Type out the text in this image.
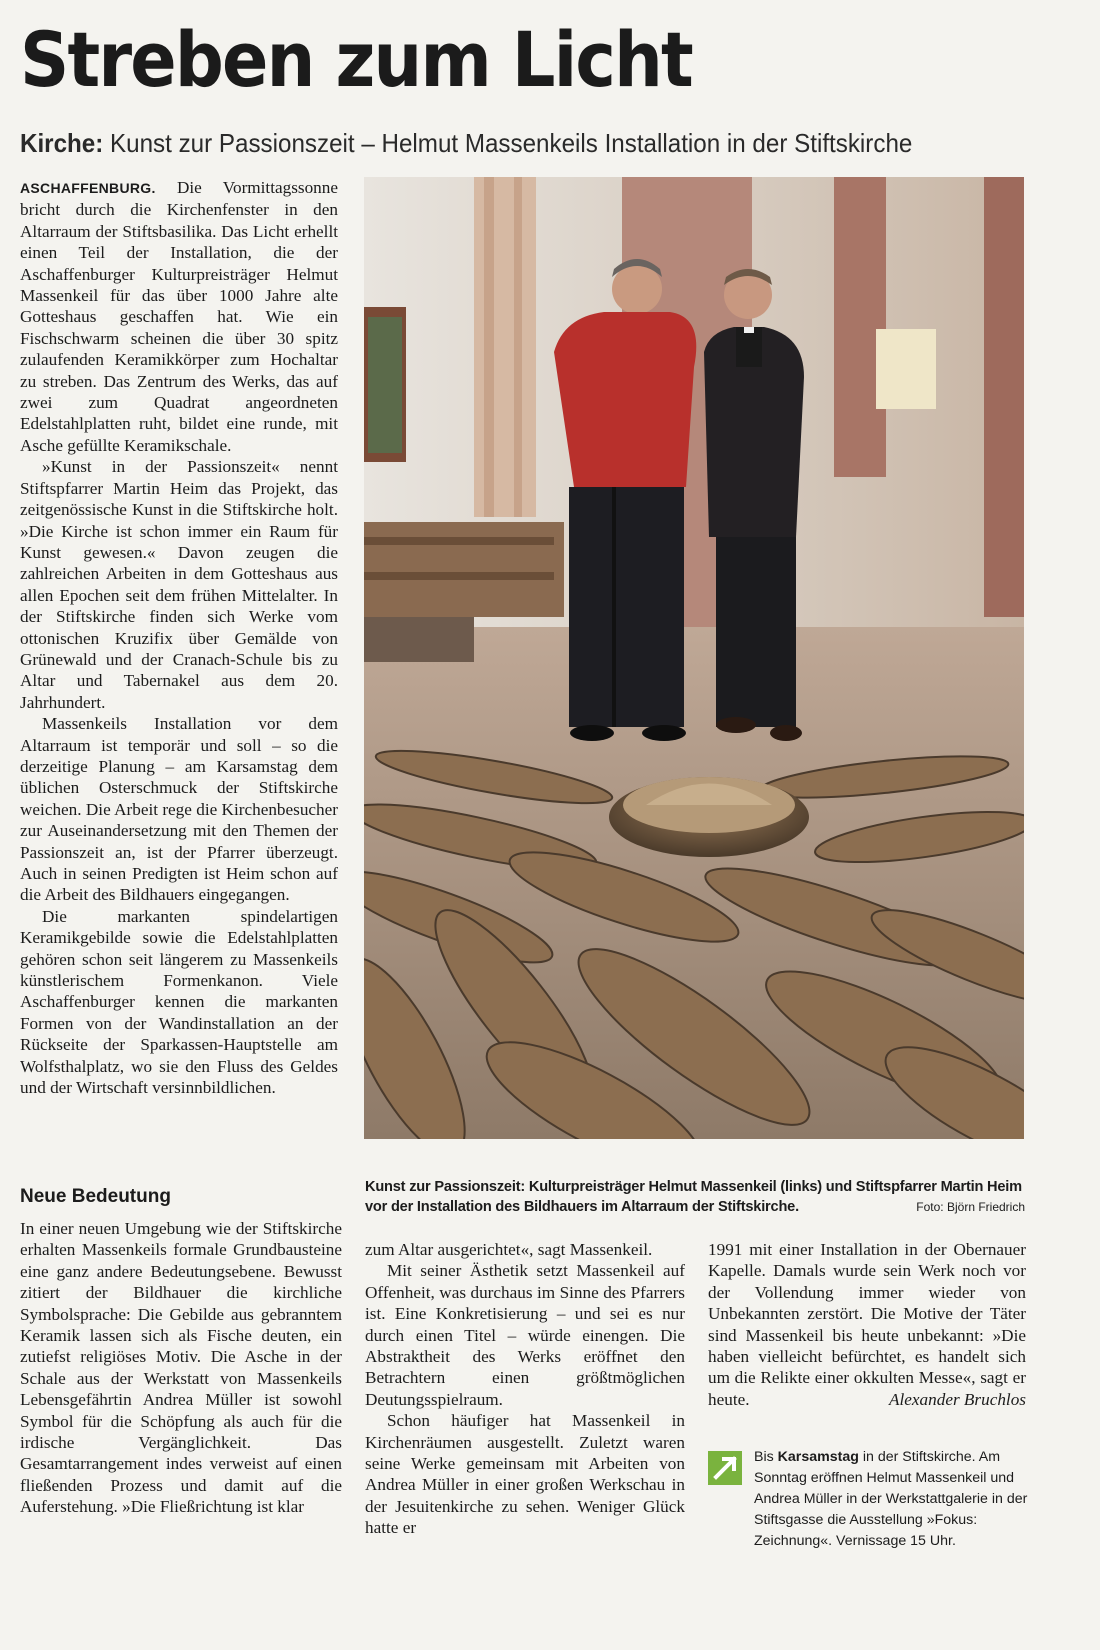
Streben zum Licht
Kirche: Kunst zur Passionszeit – Helmut Massenkeils Installation in der Stiftskirche

ASCHAFFENBURG. Die Vormittagssonne bricht durch die Kirchenfenster in den Altarraum der Stiftsbasilika. Das Licht erhellt einen Teil der Installation, die der Aschaffenburger Kulturpreisträger Helmut Massenkeil für das über 1000 Jahre alte Gotteshaus geschaffen hat. Wie ein Fischschwarm scheinen die über 30 spitz zulaufenden Keramikkörper zum Hochaltar zu streben. Das Zentrum des Werks, das auf zwei zum Quadrat angeordneten Edelstahlplatten ruht, bildet eine runde, mit Asche gefüllte Keramikschale.

»Kunst in der Passionszeit« nennt Stiftspfarrer Martin Heim das Projekt, das zeitgenössische Kunst in die Stiftskirche holt. »Die Kirche ist schon immer ein Raum für Kunst gewesen.« Davon zeugen die zahlreichen Arbeiten in dem Gotteshaus aus allen Epochen seit dem frühen Mittelalter. In der Stiftskirche finden sich Werke vom ottonischen Kruzifix über Gemälde von Grünewald und der Cranach-Schule bis zu Altar und Tabernakel aus dem 20. Jahrhundert.

Massenkeils Installation vor dem Altarraum ist temporär und soll – so die derzeitige Planung – am Karsamstag dem üblichen Osterschmuck der Stiftskirche weichen. Die Arbeit rege die Kirchenbesucher zur Auseinandersetzung mit den Themen der Passionszeit an, ist der Pfarrer überzeugt. Auch in seinen Predigten ist Heim schon auf die Arbeit des Bildhauers eingegangen.

Die markanten spindelartigen Keramikgebilde sowie die Edelstahlplatten gehören schon seit längerem zu Massenkeils künstlerischem Formenkanon. Viele Aschaffenburger kennen die markanten Formen von der Wandinstallation an der Rückseite der Sparkassen-Hauptstelle am Wolfsthalplatz, wo sie den Fluss des Geldes und der Wirtschaft versinnbildlichen.

Neue Bedeutung

In einer neuen Umgebung wie der Stiftskirche erhalten Massenkeils formale Grundbausteine eine ganz andere Bedeutungsebene. Bewusst zitiert der Bildhauer die kirchliche Symbolsprache: Die Gebilde aus gebranntem Keramik lassen sich als Fische deuten, ein zutiefst religiöses Motiv. Die Asche in der Schale aus der Werkstatt von Massenkeils Lebensgefährtin Andrea Müller ist sowohl Symbol für die Schöpfung als auch für die irdische Vergänglichkeit. Das Gesamtarrangement indes verweist auf einen fließenden Prozess und damit auf die Auferstehung. »Die Fließrichtung ist klar

zum Altar ausgerichtet«, sagt Massenkeil.

Mit seiner Ästhetik setzt Massenkeil auf Offenheit, was durchaus im Sinne des Pfarrers ist. Eine Konkretisierung – und sei es nur durch einen Titel – würde einengen. Die Abstraktheit des Werks eröffnet den Betrachtern einen größtmöglichen Deutungsspielraum.

Schon häufiger hat Massenkeil in Kirchenräumen ausgestellt. Zuletzt waren seine Werke gemeinsam mit Arbeiten von Andrea Müller in einer großen Werkschau in der Jesuitenkirche zu sehen. Weniger Glück hatte er

1991 mit einer Installation in der Obernauer Kapelle. Damals wurde sein Werk noch vor der Vollendung immer wieder von Unbekannten zerstört. Die Motive der Täter sind Massenkeil bis heute unbekannt: »Die haben vielleicht befürchtet, es handelt sich um die Relikte einer okkulten Messe«, sagt er heute.	Alexander Bruchlos

Kunst zur Passionszeit: Kulturpreisträger Helmut Massenkeil (links) und Stiftspfarrer Martin Heim vor der Installation des Bildhauers im Altarraum der Stiftskirche.	Foto: Björn Friedrich
Bis Karsamstag in der Stiftskirche. Am Sonntag eröffnen Helmut Massenkeil und Andrea Müller in der Werkstattgalerie in der Stiftsgasse die Ausstellung »Fokus: Zeichnung«. Vernissage 15 Uhr.
